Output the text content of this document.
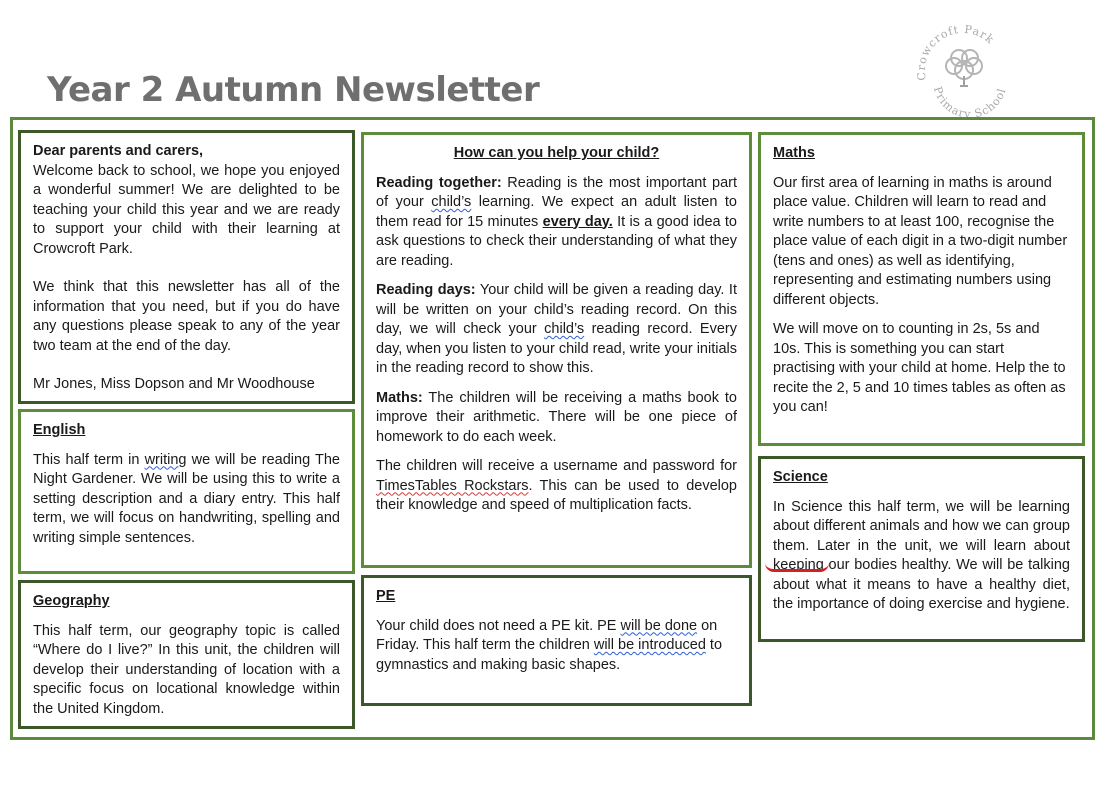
Year 2 Autumn Newsletter	Crowcroft Park
Primary School
Dear parents and carers,

Welcome back to school, we hope you enjoyed a wonderful summer! We are delighted to be teaching your child this year and we are ready to support your child with their learning at Crowcroft Park.

We think that this newsletter has all of the information that you need, but if you do have any questions please speak to any of the year two team at the end of the day.

Mr Jones, Miss Dopson and Mr Woodhouse

English

This half term in writing we will be reading The Night Gardener. We will be using this to write a setting description and a diary entry. This half term, we will focus on handwriting, spelling and writing simple sentences.

Geography

This half term, our geography topic is called “Where do I live?” In this unit, the children will develop their understanding of location with a specific focus on locational knowledge within the United Kingdom.

How can you help your child?

Reading together: Reading is the most important part of your child’s learning. We expect an adult listen to them read for 15 minutes every day. It is a good idea to ask questions to check their understanding of what they are reading.

Reading days: Your child will be given a reading day. It will be written on your child’s reading record. On this day, we will check your child’s reading record. Every day, when you listen to your child read, write your initials in the reading record to show this.

Maths: The children will be receiving a maths book to improve their arithmetic. There will be one piece of homework to do each week.

The children will receive a username and password for TimesTables Rockstars. This can be used to develop their knowledge and speed of multiplication facts.

PE

Your child does not need a PE kit. PE will be done on Friday. This half term the children will be introduced to gymnastics and making basic shapes.

Maths

Our first area of learning in maths is around place value. Children will learn to read and write numbers to at least 100, recognise the place value of each digit in a two-digit number (tens and ones) as well as identifying, representing and estimating numbers using different objects.

We will move on to counting in 2s, 5s and 10s. This is something you can start practising with your child at home. Help the to recite the 2, 5 and 10 times tables as often as you can!

Science

In Science this half term, we will be learning about different animals and how we can group them. Later in the unit, we will learn about keeping our bodies healthy. We will be talking about what it means to have a healthy diet, the importance of doing exercise and hygiene.
